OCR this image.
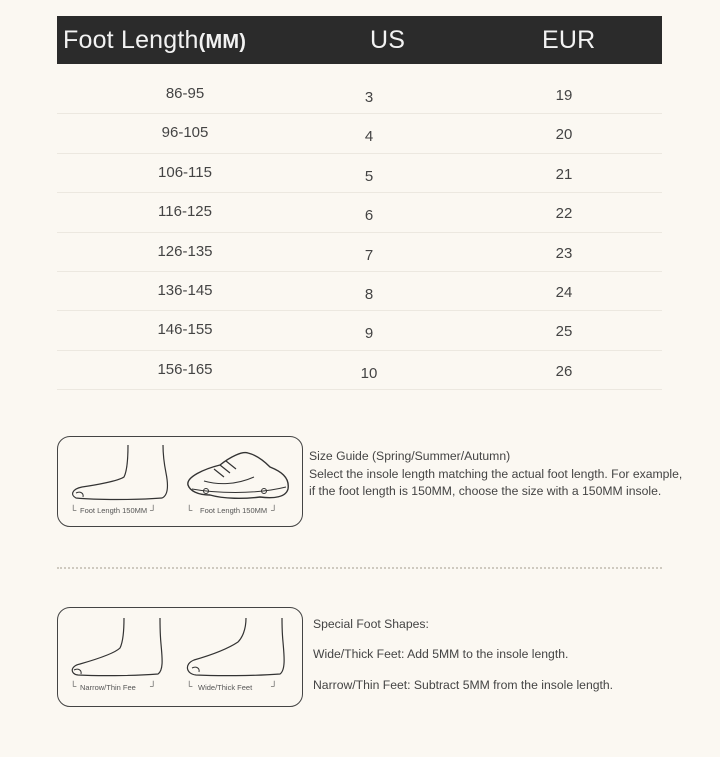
Foot Length(MM)	US	EUR
86-95	3	19
96-105	4	20
106-115	5	21
116-125	6	22
126-135	7	23
136-145	8	24
146-155	9	25
156-165	10	26
└ Foot Length 150MM ┘	└ Foot Length 150MM ┘
Size Guide (Spring/Summer/Autumn)
Select the insole length matching the actual foot length. For example,
if the foot length is 150MM, choose the size with a 150MM insole.
└ Narrow/Thin Fee ┘	└ Wide/Thick Feet ┘
Special Foot Shapes:
Wide/Thick Feet: Add 5MM to the insole length.
Narrow/Thin Feet: Subtract 5MM from the insole length.
